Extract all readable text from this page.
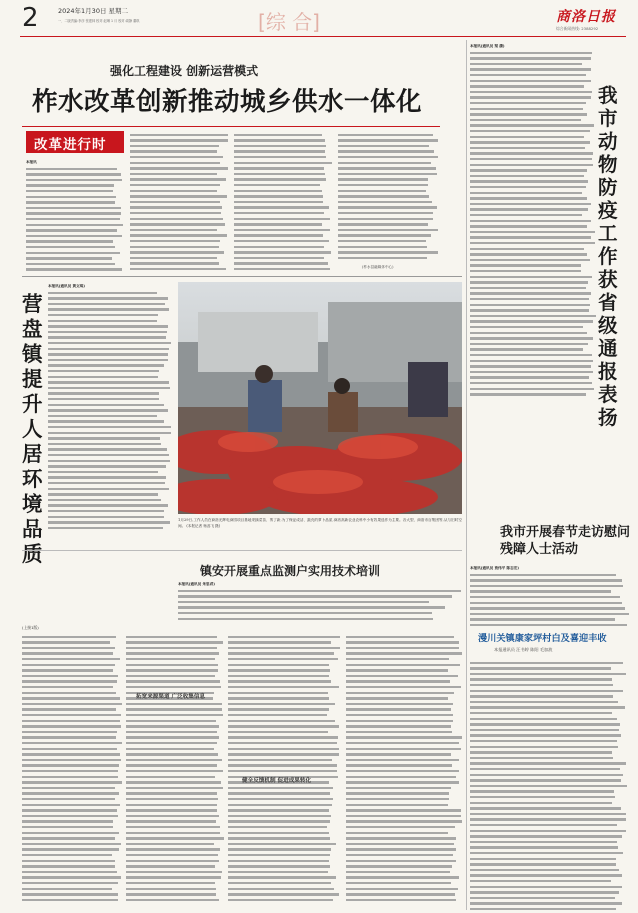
2	2024年1月30日 星期二
一、二版责编:李彦 张建林 校对:赵琳 1 月 校对:周静 董琪	[综 合]	商洛日报
综合新闻热线: 2388292
强化工程建设 创新运营模式
柞水改革创新推动城乡供水一体化
改革进行时
本报讯
(柞水县融媒体中心)
营盘镇提升人居环境品质
本报讯(通讯员 黄文琪)
1月29日,工作人员在商洛光辉电商园项目基地采摘菜苗、剪了新,为了保证成活、蔬壳的萝卜品质,商洛高新农业农科中小有效果选作为主要。各大型、商洛市百集团等,从与旧时空间。 (本报记者 杨蕊飞 摄)
镇安开展重点监测户实用技术培训
本报讯(通讯员 朱思君)
(上接1版)
拓宽来源渠道 广泛收集信息
健全反馈机制 促进成果转化
本报讯(通讯员 梁 潇)
我市动物防疫工作获省级通报表扬
我市开展春节走访慰问残障人士活动
本报讯(通讯员 贾伟平 陈志宏)
漫川关镇康家坪村白及喜迎丰收
本报通讯员 汪书婷 陈阳 毛加波
